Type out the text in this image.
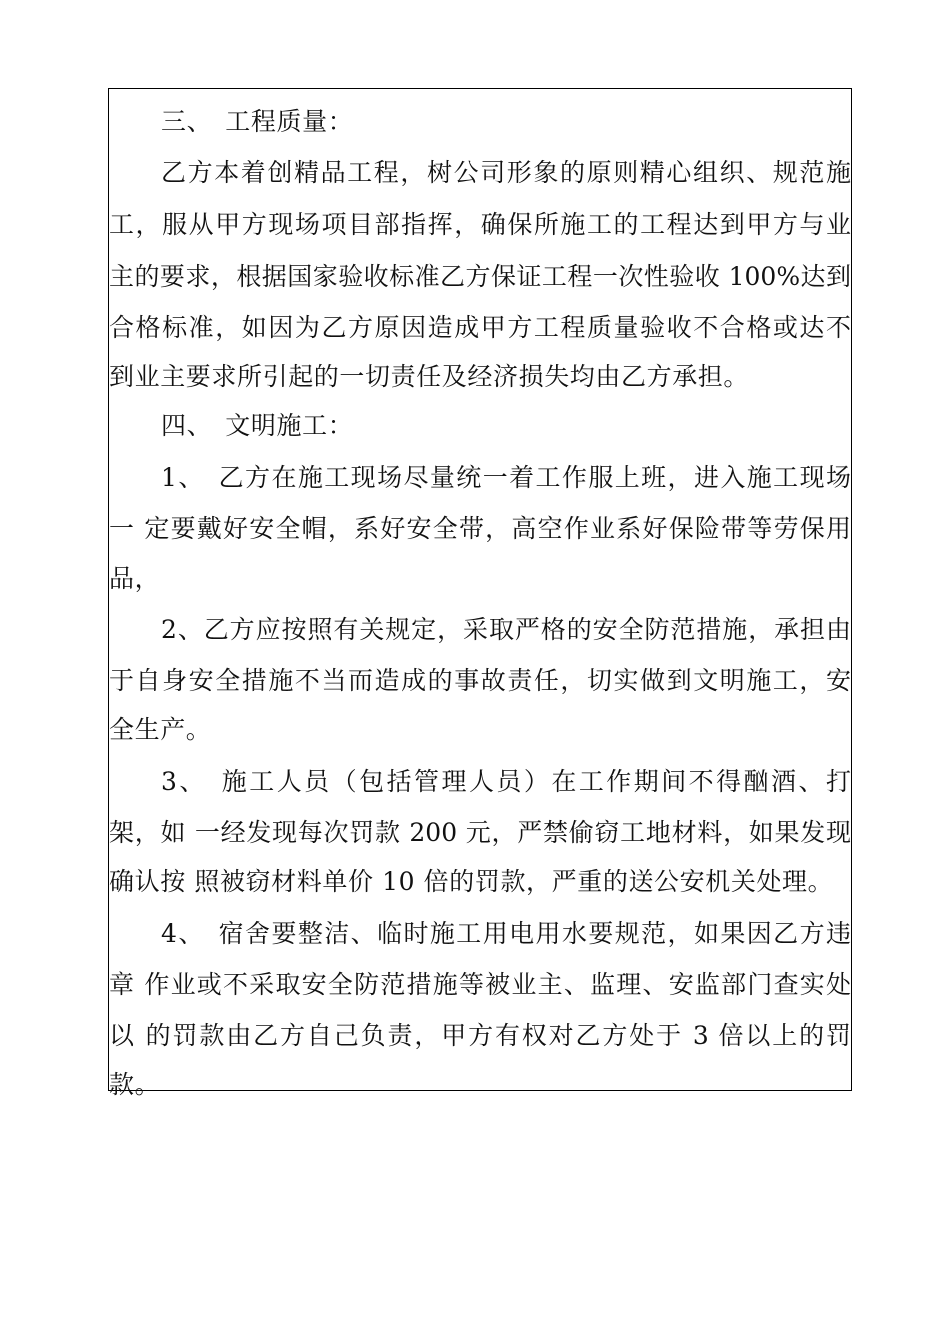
三、　工程质量：
乙方本着创精品工程，树公司形象的原则精心组织、规范施
工，服从甲方现场项目部指挥，确保所施工的工程达到甲方与业
主的要求，根据国家验收标准乙方保证工程一次性验收 100%达到
合格标准，如因为乙方原因造成甲方工程质量验收不合格或达不
到业主要求所引起的一切责任及经济损失均由乙方承担。
四、　文明施工：
1、　乙方在施工现场尽量统一着工作服上班，进入施工现场
一 定要戴好安全帽，系好安全带，高空作业系好保险带等劳保用
品，
2、乙方应按照有关规定，采取严格的安全防范措施，承担由
于自身安全措施不当而造成的事故责任，切实做到文明施工，安
全生产。
3、　施工人员（包括管理人员）在工作期间不得酗酒、打
架，如 一经发现每次罚款 200 元，严禁偷窃工地材料，如果发现
确认按 照被窃材料单价 10 倍的罚款，严重的送公安机关处理。
4、　宿舍要整洁、临时施工用电用水要规范，如果因乙方违
章 作业或不采取安全防范措施等被业主、监理、安监部门查实处
以 的罚款由乙方自己负责，甲方有权对乙方处于 3 倍以上的罚
款。
